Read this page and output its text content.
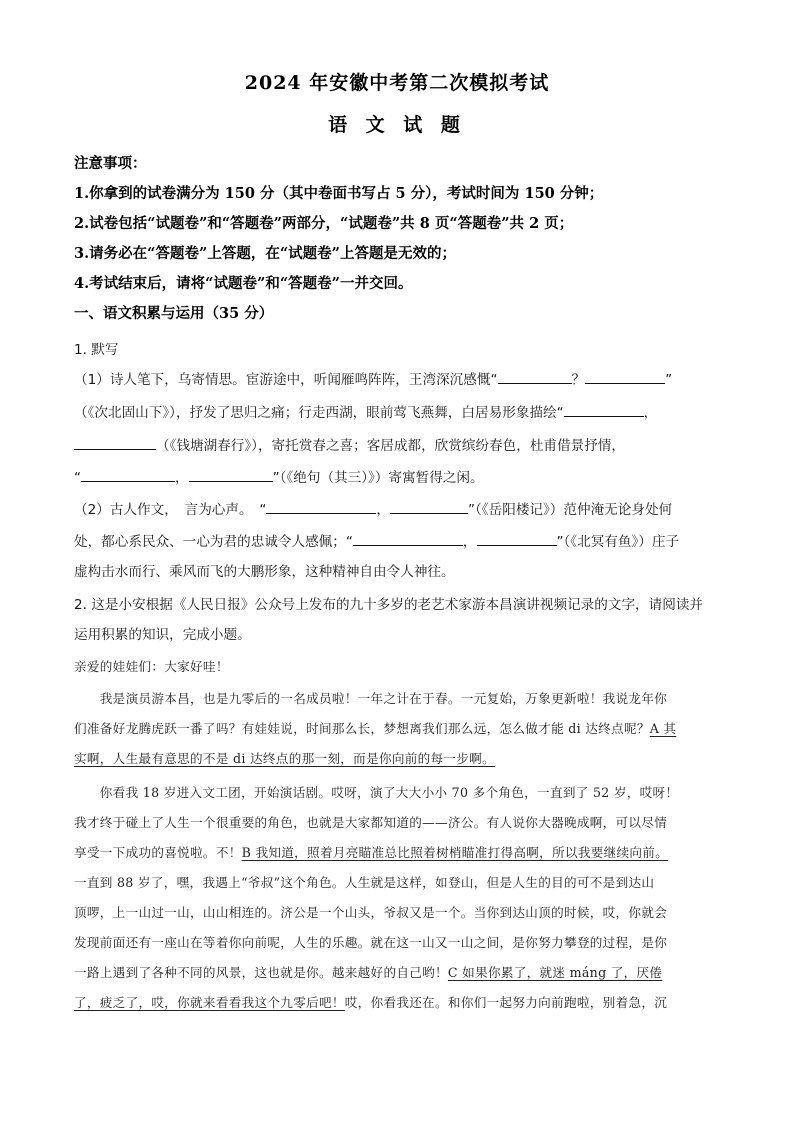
2024 年安徽中考第二次模拟考试
语 文 试 题
注意事项：
1.你拿到的试卷满分为 150 分（其中卷面书写占 5 分），考试时间为 150 分钟；
2.试卷包括“试题卷”和“答题卷”两部分，“试题卷”共 8 页“答题卷”共 2 页；
3.请务必在“答题卷”上答题，在“试题卷”上答题是无效的；
4.考试结束后，请将“试题卷”和“答题卷”一并交回。
一、语文积累与运用（35 分）
1. 默写
（1）诗人笔下，乌寄情思。宦游途中，听闻雁鸣阵阵，王湾深沉感慨“	？	”
（《次北固山下》），抒发了思归之痛；行走西湖，眼前莺飞燕舞，白居易形象描绘“	，
（《钱塘湖春行》），寄托赏春之喜；客居成都，欣赏缤纷春色，杜甫借景抒情，
“	，	”（《绝句（其三）》）寄寓暂得之闲。
（2）古人作文，　言为心声。　“	，	”（《岳阳楼记》）范仲淹无论身处何
处，都心系民众、一心为君的忠诚令人感佩；“	，	”（《北冥有鱼》）庄子
虚构击水而行、乘风而飞的大鹏形象，这种精神自由令人神往。
2. 这是小安根据《人民日报》公众号上发布的九十多岁的老艺术家游本昌演讲视频记录的文字，请阅读并
运用积累的知识，完成小题。
亲爱的娃娃们：大家好哇！
　　我是演员游本昌，也是九零后的一名成员啦！一年之计在于春。一元复始，万象更新啦！我说龙年你
们准备好龙腾虎跃一番了吗？有娃娃说，时间那么长，梦想离我们那么远，怎么做才能 di 达终点呢？A 其
实啊，人生最有意思的不是 di 达终点的那一刻，而是你向前的每一步啊。
　　你看我 18 岁进入文工团，开始演话剧。哎呀，演了大大小小 70 多个角色，一直到了 52 岁，哎呀！
我才终于碰上了人生一个很重要的角色，也就是大家都知道的——济公。有人说你大器晚成啊，可以尽情
享受一下成功的喜悦啦。不！B 我知道，照着月亮瞄准总比照着树梢瞄准打得高啊，所以我要继续向前。
一直到 88 岁了，嘿，我遇上“爷叔”这个角色。人生就是这样，如登山，但是人生的目的可不是到达山
顶啰，上一山过一山，山山相连的。济公是一个山头，爷叔又是一个。当你到达山顶的时候，哎，你就会
发现前面还有一座山在等着你向前呢，人生的乐趣。就在这一山又一山之间，是你努力攀登的过程，是你
一路上遇到了各种不同的风景，这也就是你。越来越好的自己哟！C 如果你累了，就迷 máng 了，厌倦
了，疲乏了，哎，你就来看看我这个九零后吧！哎，你看我还在。和你们一起努力向前跑啦，别着急，沉
